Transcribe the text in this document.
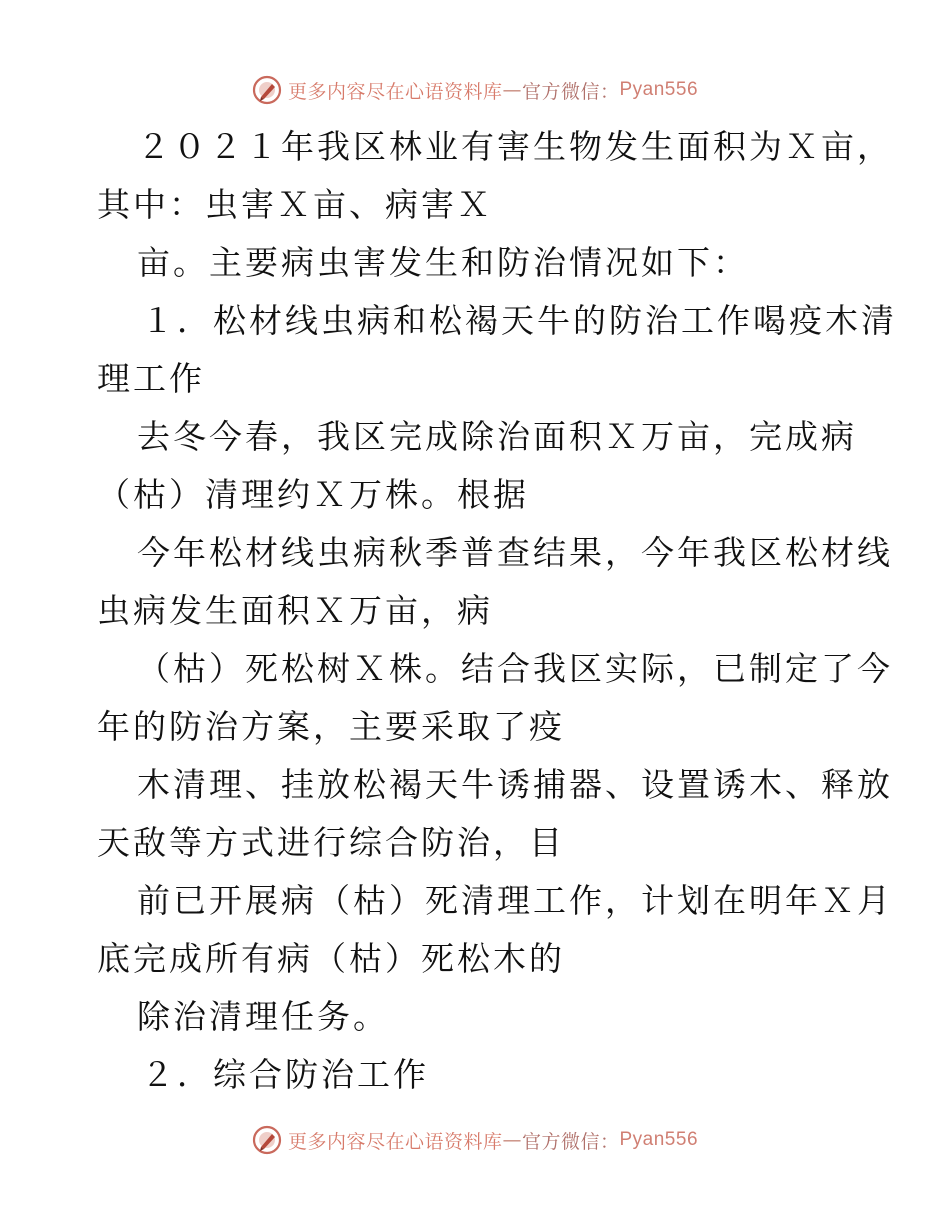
更多内容尽在心语资料库 — 官方微信： Pyan556
２０２１年我区林业有害生物发生面积为Ｘ亩，
其中：虫害Ｘ亩、病害Ｘ
亩。主要病虫害发生和防治情况如下：
１．松材线虫病和松褐天牛的防治工作喝疫木清
理工作
去冬今春，我区完成除治面积Ｘ万亩，完成病
（枯）清理约Ｘ万株。根据
今年松材线虫病秋季普查结果，今年我区松材线
虫病发生面积Ｘ万亩，病
（枯）死松树Ｘ株。结合我区实际，已制定了今
年的防治方案，主要采取了疫
木清理、挂放松褐天牛诱捕器、设置诱木、释放
天敌等方式进行综合防治，目
前已开展病（枯）死清理工作，计划在明年Ｘ月
底完成所有病（枯）死松木的
除治清理任务。
２．综合防治工作
更多内容尽在心语资料库 — 官方微信： Pyan556
